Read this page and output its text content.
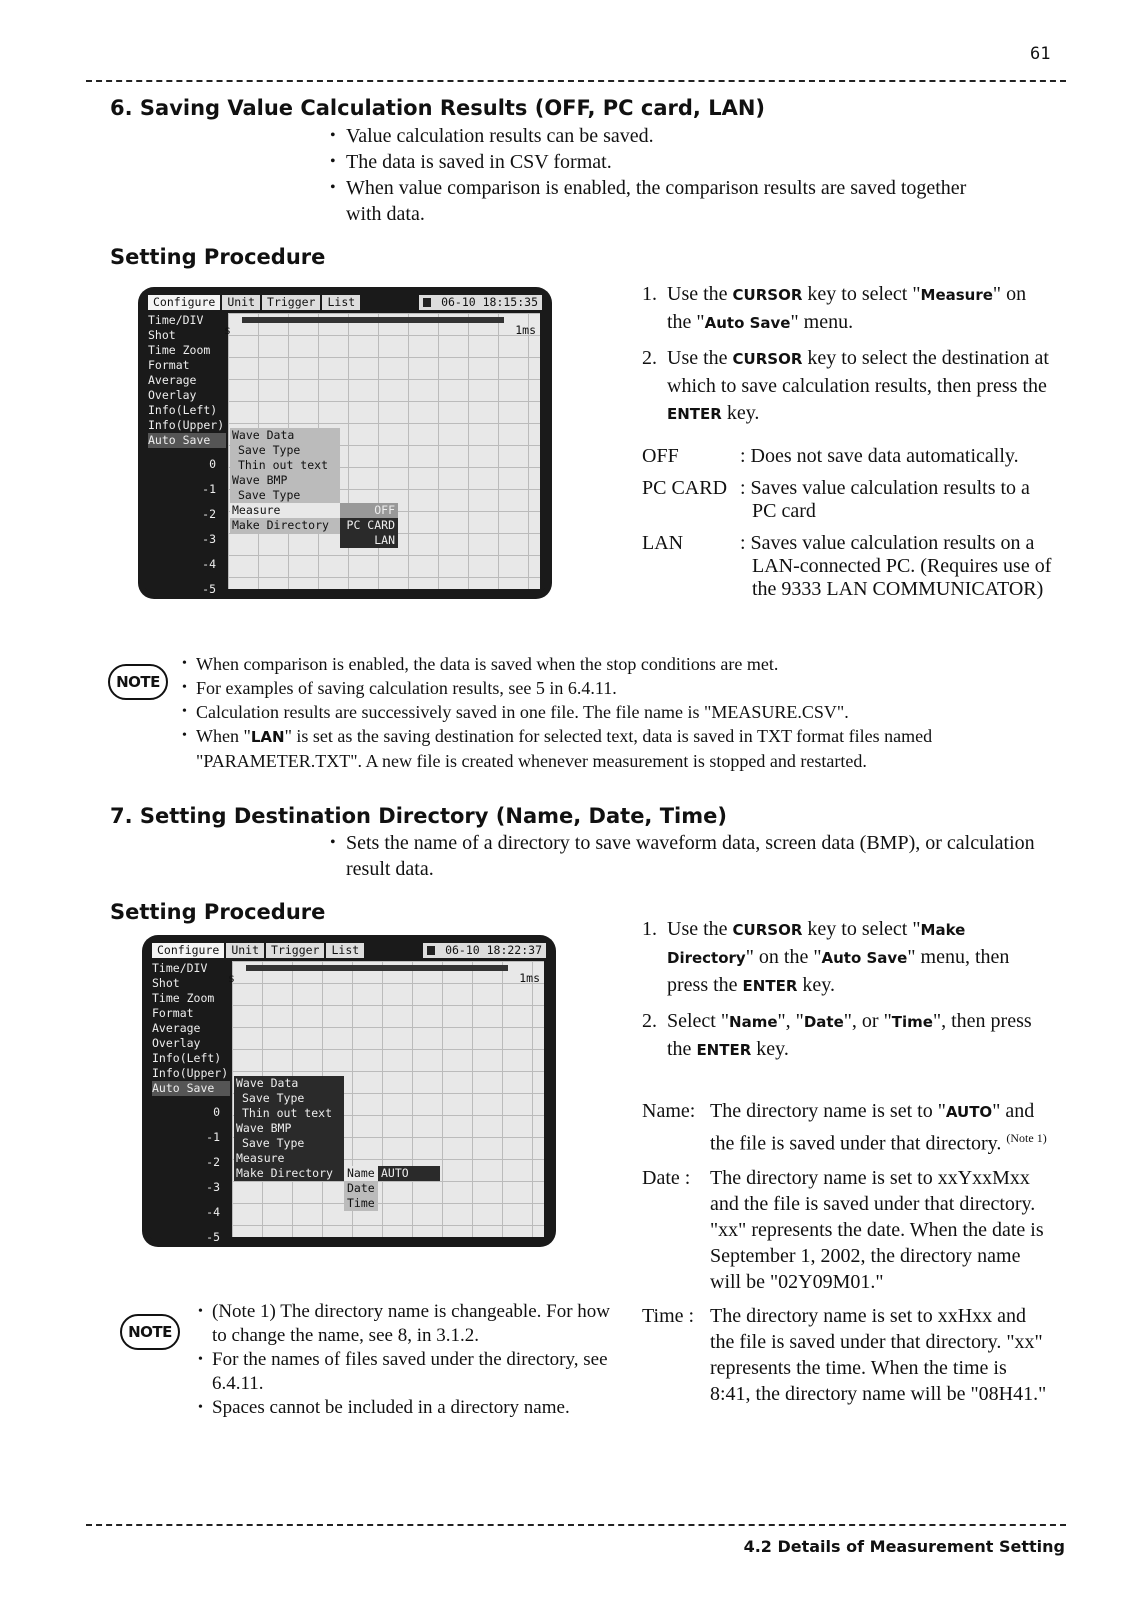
61
6. Saving Value Calculation Results (OFF, PC card, LAN)
• Value calculation results can be saved.
• The data is saved in CSV format.
• When value comparison is enabled, the comparison results are saved together with data.
Setting Procedure
Configure	Unit	Trigger	List	06-10 18:15:35
Time/DIV
Shot
Time Zoom
Format
Average
Overlay
Info(Left)
Info(Upper)
Auto Save
s	1ms
0
-1
-2
-3
-4
-5
Wave Data
Save Type
Thin out text
Wave BMP
Save Type
Measure
Make Directory
OFF
PC CARD
LAN
1. Use the CURSOR key to select "Measure" on the "Auto Save" menu.
2. Use the CURSOR key to select the destination at which to save calculation results, then press the ENTER key.
OFF	: Does not save data automatically.
PC CARD : Saves value calculation results to a PC card
LAN	: Saves value calculation results on a LAN-connected PC. (Requires use of the 9333 LAN COMMUNICATOR)
NOTE
• When comparison is enabled, the data is saved when the stop conditions are met.
• For examples of saving calculation results, see 5 in 6.4.11.
• Calculation results are successively saved in one file. The file name is "MEASURE.CSV".
• When "LAN" is set as the saving destination for selected text, data is saved in TXT format files named "PARAMETER.TXT". A new file is created whenever measurement is stopped and restarted.
7. Setting Destination Directory (Name, Date, Time)
• Sets the name of a directory to save waveform data, screen data (BMP), or calculation result data.
Setting Procedure
Configure	Unit	Trigger	List	06-10 18:22:37
Time/DIV
Shot
Time Zoom
Format
Average
Overlay
Info(Left)
Info(Upper)
Auto Save
s	1ms
0
-1
-2
-3
-4
-5
Wave Data
Save Type
Thin out text
Wave BMP
Save Type
Measure
Make Directory	Name
Date
Time
AUTO
1. Use the CURSOR key to select "Make Directory" on the "Auto Save" menu, then press the ENTER key.
2. Select "Name", "Date", or "Time", then press the ENTER key.
Name: The directory name is set to "AUTO" and the file is saved under that directory. $^{(Note 1)}$
Date : The directory name is set to xxYxxMxx and the file is saved under that directory. "xx" represents the date. When the date is September 1, 2002, the directory name will be "02Y09M01."
Time : The directory name is set to xxHxx and the file is saved under that directory. "xx" represents the time. When the time is 8:41, the directory name will be "08H41."
NOTE
• (Note 1) The directory name is changeable. For how to change the name, see 8, in 3.1.2.
• For the names of files saved under the directory, see 6.4.11.
• Spaces cannot be included in a directory name.
4.2 Details of Measurement Setting
